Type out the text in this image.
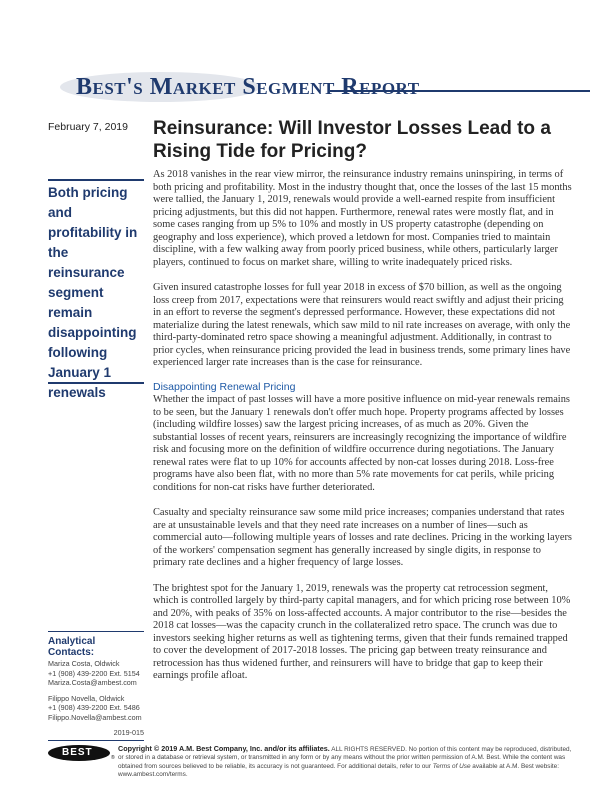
Best's Market Segment Report
February 7, 2019 Reinsurance: Will Investor Losses Lead to a Rising Tide for Pricing?
Both pricing and profitability in the reinsurance segment remain disappointing following January 1 renewals

As 2018 vanishes in the rear view mirror, the reinsurance industry remains uninspiring, in terms of both pricing and profitability. Most in the industry thought that, once the losses of the last 15 months were tallied, the January 1, 2019, renewals would provide a well-earned respite from insufficient pricing adjustments, but this did not happen. Furthermore, renewal rates were mostly flat, and in some cases ranging from up 5% to 10% and mostly in US property catastrophe (depending on geography and loss experience), which proved a letdown for most. Companies tried to maintain discipline, with a few walking away from poorly priced business, while others, particularly larger players, continued to focus on market share, willing to write inadequately priced risks.

Given insured catastrophe losses for full year 2018 in excess of $70 billion, as well as the ongoing loss creep from 2017, expectations were that reinsurers would react swiftly and adjust their pricing in an effort to reverse the segment's depressed performance. However, these expectations did not materialize during the latest renewals, which saw mild to nil rate increases on average, with only the third-party-dominated retro space showing a meaningful adjustment. Additionally, in contrast to prior cycles, when reinsurance pricing provided the lead in business trends, some primary lines have experienced larger rate increases than is the case for reinsurance.

Disappointing Renewal Pricing

Whether the impact of past losses will have a more positive influence on mid-year renewals remains to be seen, but the January 1 renewals don't offer much hope. Property programs affected by losses (including wildfire losses) saw the largest pricing increases, of as much as 20%. Given the substantial losses of recent years, reinsurers are increasingly recognizing the importance of wildfire risk and focusing more on the definition of wildfire occurrence during negotiations. The January renewal rates were flat to up 10% for accounts affected by non-cat losses during 2018. Loss-free programs have also been flat, with no more than 5% rate movements for cat perils, while pricing conditions for non-cat risks have further deteriorated.

Casualty and specialty reinsurance saw some mild price increases; companies understand that rates are at unsustainable levels and that they need rate increases on a number of lines—such as commercial auto—following multiple years of losses and rate declines. Pricing in the working layers of the workers' compensation segment has generally increased by single digits, in response to primary rate declines and a higher frequency of large losses.

The brightest spot for the January 1, 2019, renewals was the property cat retrocession segment, which is controlled largely by third-party capital managers, and for which pricing rose between 10% and 20%, with peaks of 35% on loss-affected accounts. A major contributor to the rise—besides the 2018 cat losses—was the capacity crunch in the collateralized retro space. The crunch was due to investors seeking higher returns as well as tightening terms, given that their funds remained trapped to cover the development of 2017-2018 losses. The pricing gap between treaty reinsurance and retrocession has thus widened further, and reinsurers will have to bridge that gap to keep their earnings profile afloat.

Analytical Contacts:
Mariza Costa, Oldwick
+1 (908) 439-2200 Ext. 5154
Mariza.Costa@ambest.com
Filippo Novella, Oldwick
+1 (908) 439-2200 Ext. 5486
Filippo.Novella@ambest.com
2019-015
BEST	®
Copyright © 2019 A.M. Best Company, Inc. and/or its affiliates. ALL RIGHTS RESERVED. No portion of this content may be reproduced, distributed, or stored in a database or retrieval system, or transmitted in any form or by any means without the prior written permission of A.M. Best. While the content was obtained from sources believed to be reliable, its accuracy is not guaranteed. For additional details, refer to our Terms of Use available at A.M. Best website: www.ambest.com/terms.
